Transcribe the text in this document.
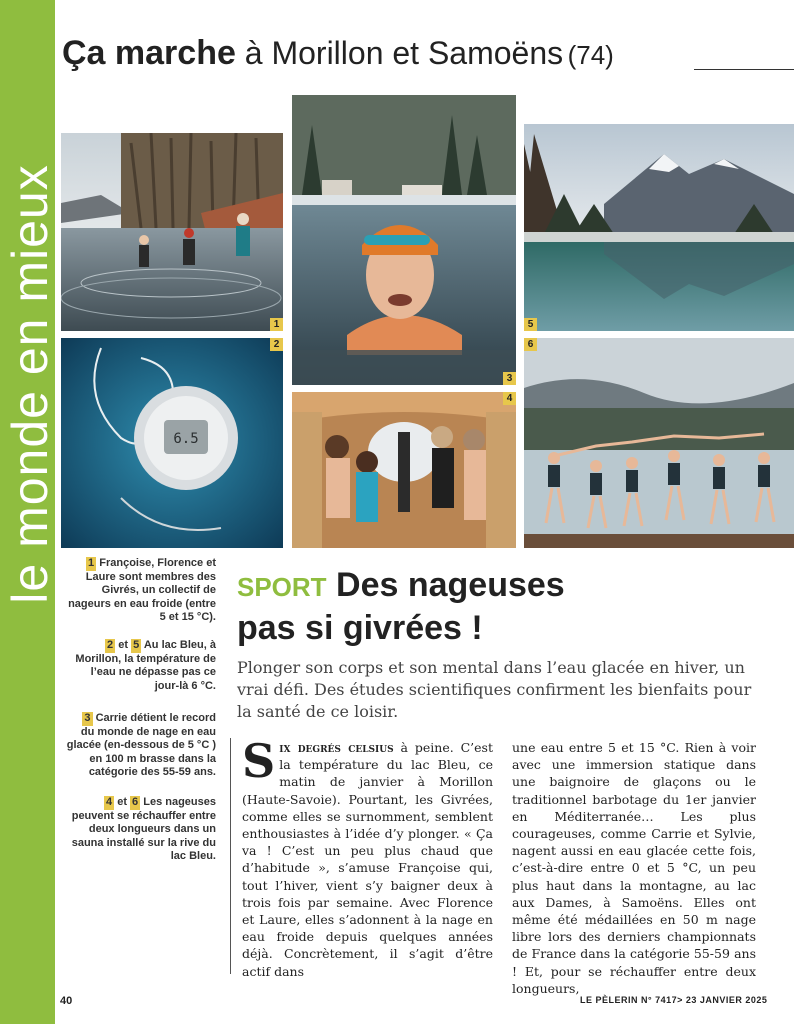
le monde en mieux
Ça marche à Morillon et Samoëns (74)
1
6.5
2
3
4
5
6
1 Françoise, Florence et Laure sont membres des Givrés, un collectif de nageurs en eau froide (entre 5 et 15 °C).
2 et 5 Au lac Bleu, à Morillon, la température de l’eau ne dépasse pas ce jour-là 6 °C.
3 Carrie détient le record du monde de nage en eau glacée (en-dessous de 5 °C ) en 100 m brasse dans la catégorie des 55-59 ans.
4 et 6 Les nageuses peuvent se réchauffer entre deux longueurs dans un sauna installé sur la rive du lac Bleu.
SPORT Des nageuses
pas si givrées !
Plonger son corps et son mental dans l’eau glacée en hiver, un vrai défi. Des études scientifiques confirment les bienfaits pour la santé de ce loisir.
Six degrés celsius à peine. C’est la température du lac Bleu, ce matin de janvier à Morillon (Haute-Savoie). Pourtant, les Givrées, comme elles se surnomment, semblent enthousiastes à l’idée d’y plonger. « Ça va ! C’est un peu plus chaud que d’habitude », s’amuse Françoise qui, tout l’hiver, vient s’y baigner deux à trois fois par semaine. Avec Florence et Laure, elles s’adonnent à la nage en eau froide depuis quelques années déjà. Concrètement, il s’agit d’être actif dans
une eau entre 5 et 15 °C. Rien à voir avec une immersion statique dans une baignoire de glaçons ou le traditionnel barbotage du 1er janvier en Méditerranée… Les plus courageuses, comme Carrie et Sylvie, nagent aussi en eau glacée cette fois, c’est-à-dire entre 0 et 5 °C, un peu plus haut dans la montagne, au lac aux Dames, à Samoëns. Elles ont même été médaillées en 50 m nage libre lors des derniers championnats de France dans la catégorie 55-59 ans ! Et, pour se réchauffer entre deux longueurs,
40	LE PÈLERIN N° 7417> 23 JANVIER 2025
